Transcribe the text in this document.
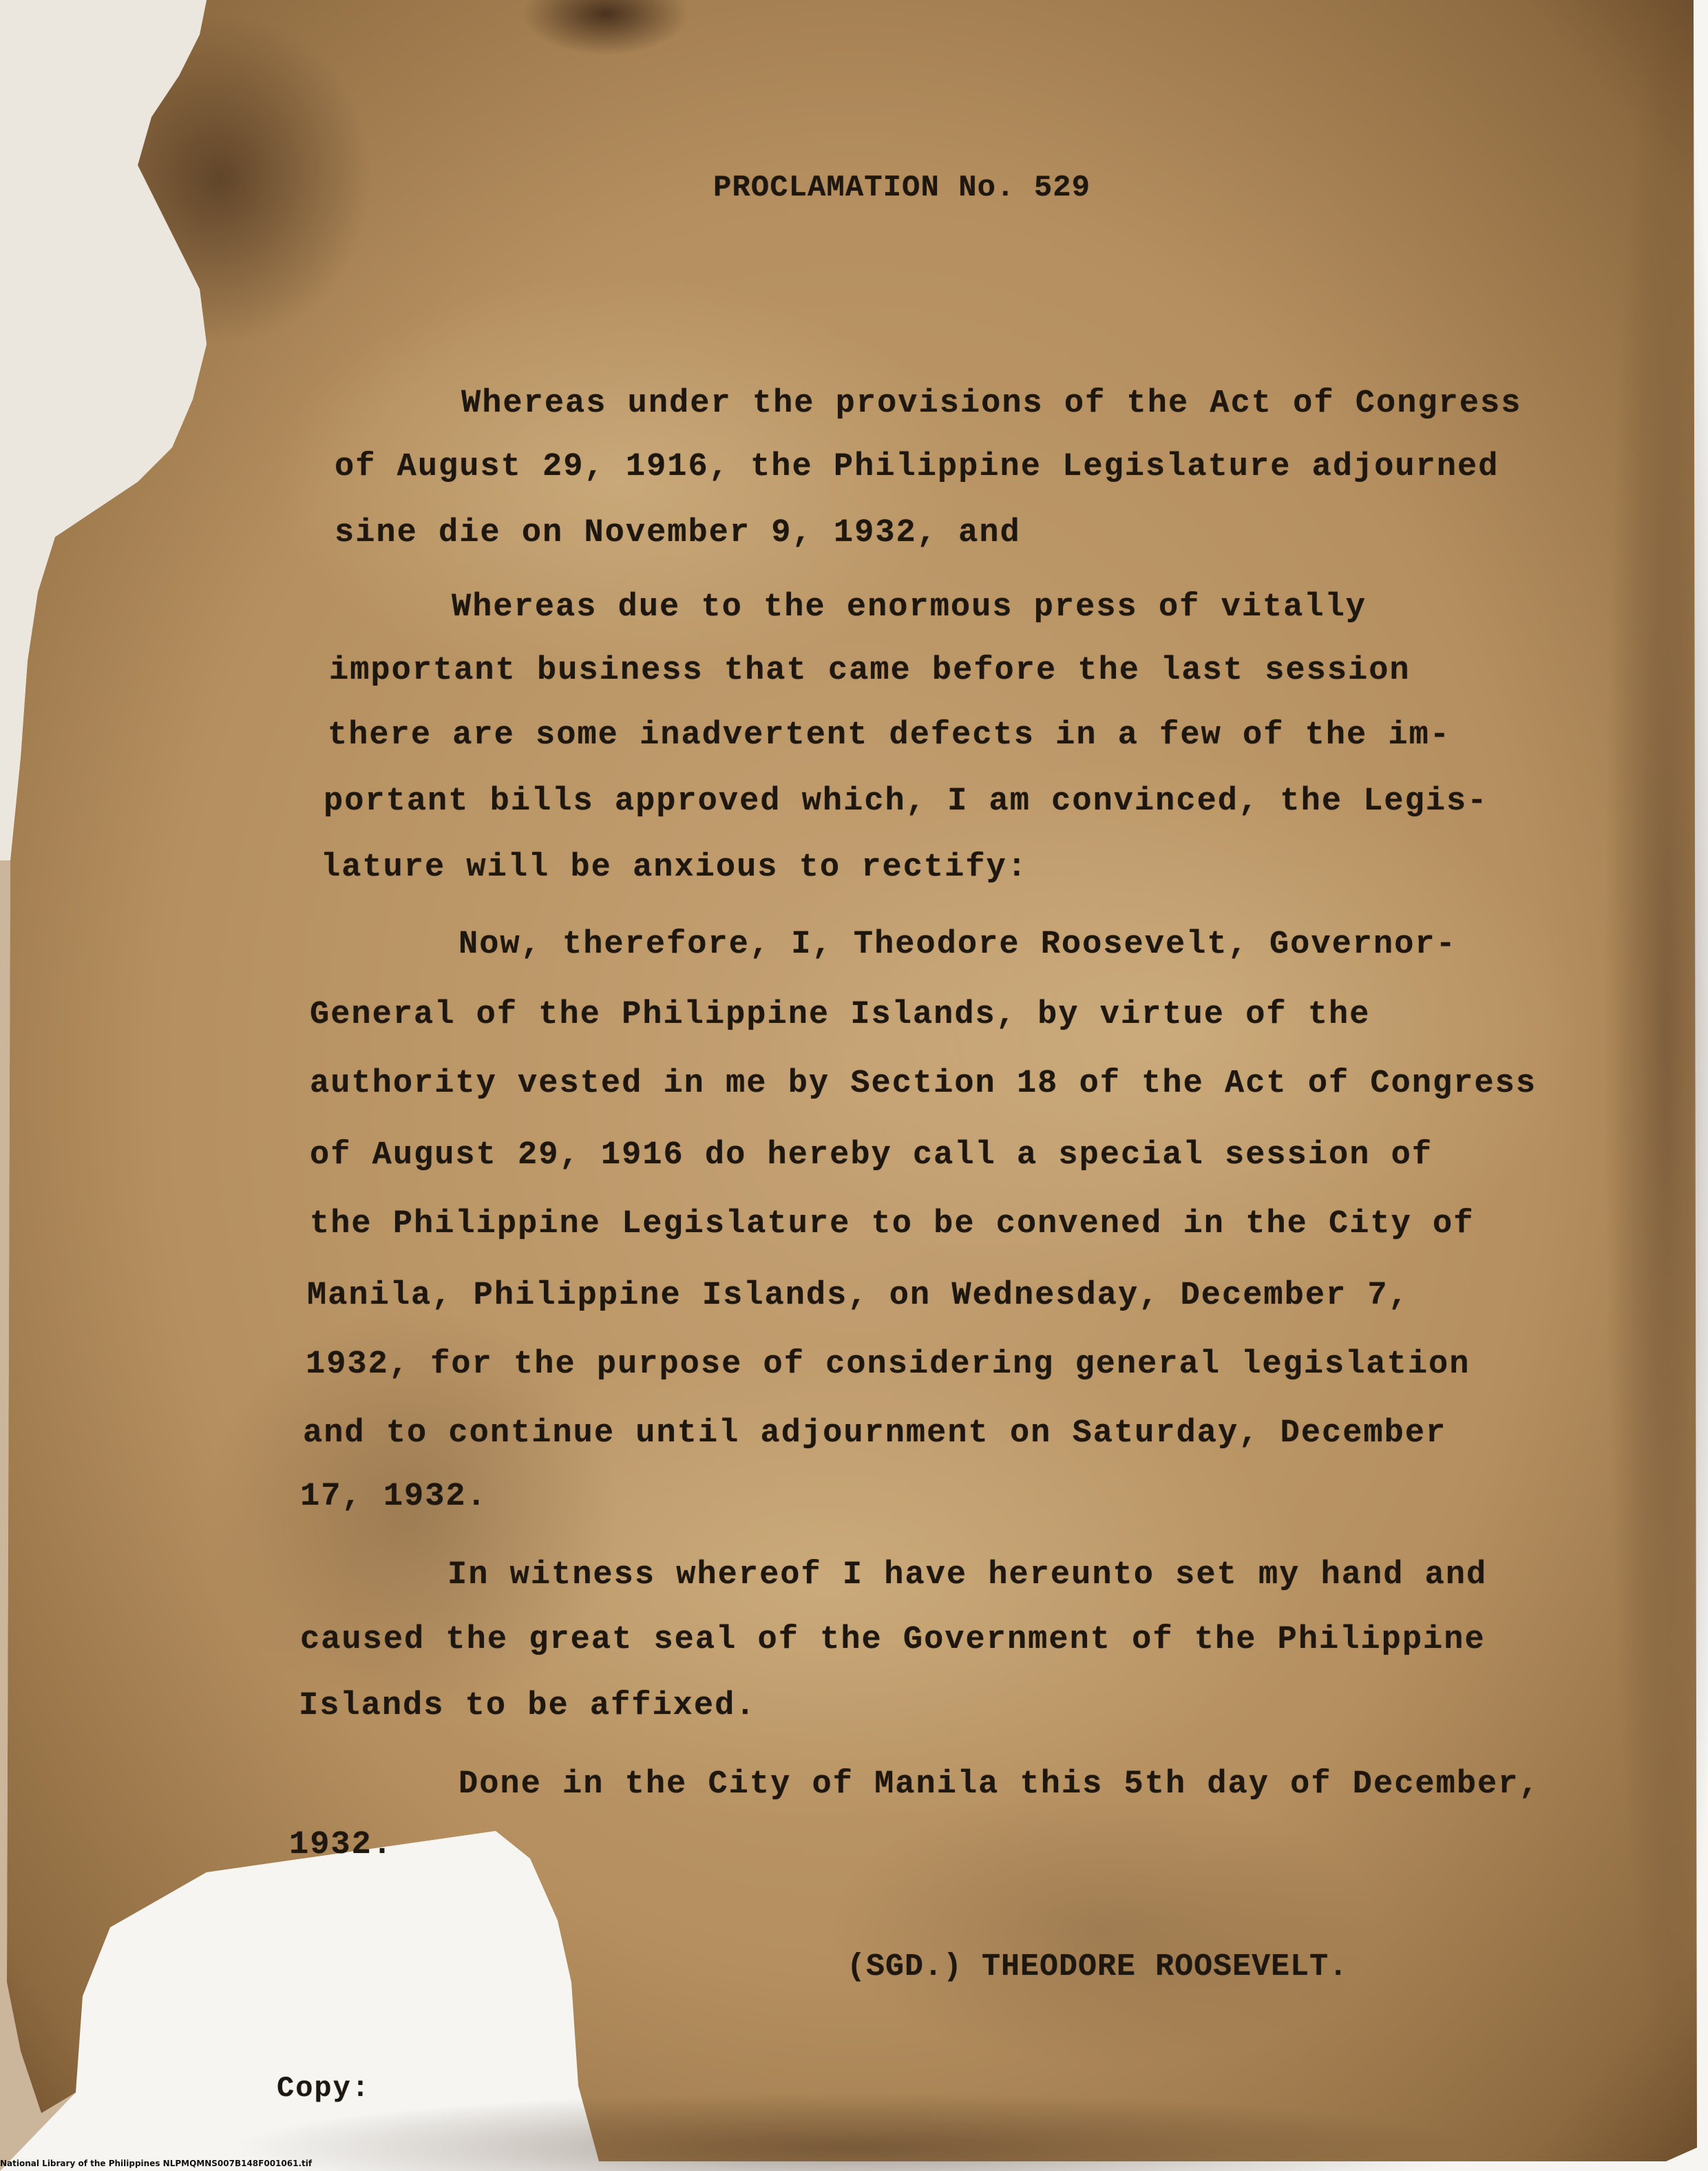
PROCLAMATION No. 529
Whereas under the provisions of the Act of Congress
of August 29, 1916, the Philippine Legislature adjourned
sine die on November 9, 1932, and
Whereas due to the enormous press of vitally
important business that came before the last session
there are some inadvertent defects in a few of the im-
portant bills approved which, I am convinced, the Legis-
lature will be anxious to rectify:
Now, therefore, I, Theodore Roosevelt, Governor-
General of the Philippine Islands, by virtue of the
authority vested in me by Section 18 of the Act of Congress
of August 29, 1916 do hereby call a special session of
the Philippine Legislature to be convened in the City of
Manila, Philippine Islands, on Wednesday, December 7,
1932, for the purpose of considering general legislation
and to continue until adjournment on Saturday, December
17, 1932.
In witness whereof I have hereunto set my hand and
caused the great seal of the Government of the Philippine
Islands to be affixed.
Done in the City of Manila this 5th day of December,
1932.
(SGD.) THEODORE ROOSEVELT.
Copy:
National Library of the Philippines NLPMQMNS007B148F001061.tif
